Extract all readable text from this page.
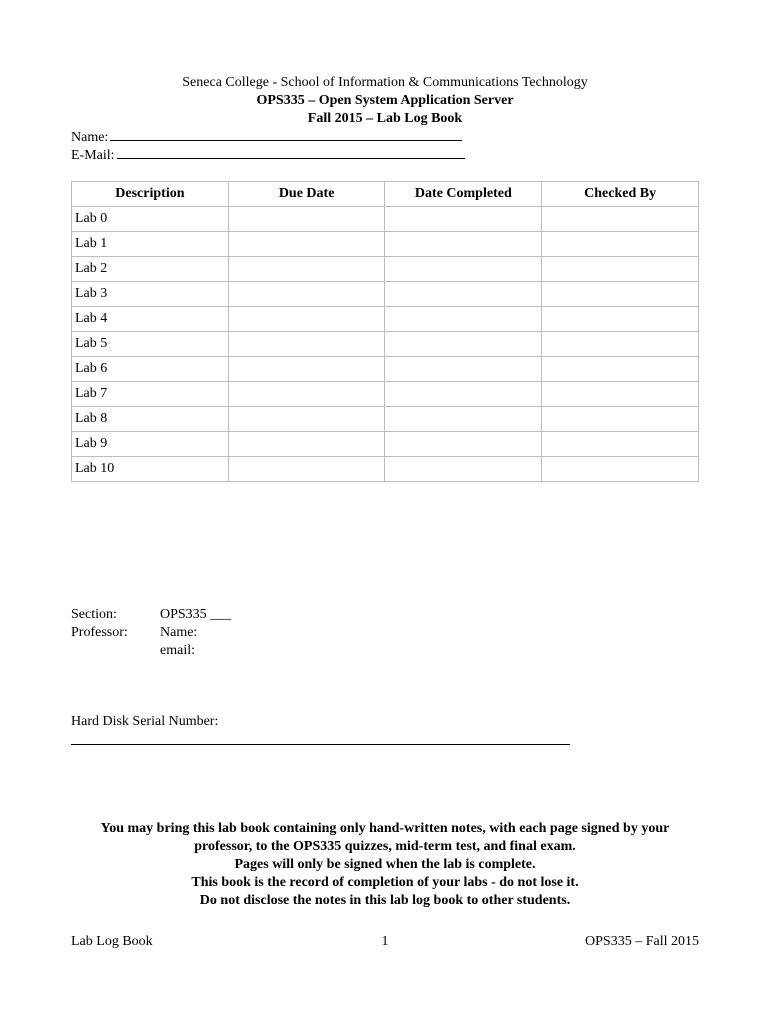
Seneca College - School of Information & Communications Technology
OPS335 – Open System Application Server
Fall 2015 – Lab Log Book
Name:
E-Mail:
Description	Due Date	Date Completed	Checked By
Lab 0			
Lab 1			
Lab 2			
Lab 3			
Lab 4			
Lab 5			
Lab 6			
Lab 7			
Lab 8			
Lab 9			
Lab 10			
Section:	OPS335 ___
Professor:	Name:
email:
Hard Disk Serial Number:
You may bring this lab book containing only hand-written notes, with each page signed by your
professor, to the OPS335 quizzes, mid-term test, and final exam.
Pages will only be signed when the lab is complete.
This book is the record of completion of your labs - do not lose it.
Do not disclose the notes in this lab log book to other students.
Lab Log Book	1	OPS335 – Fall 2015
